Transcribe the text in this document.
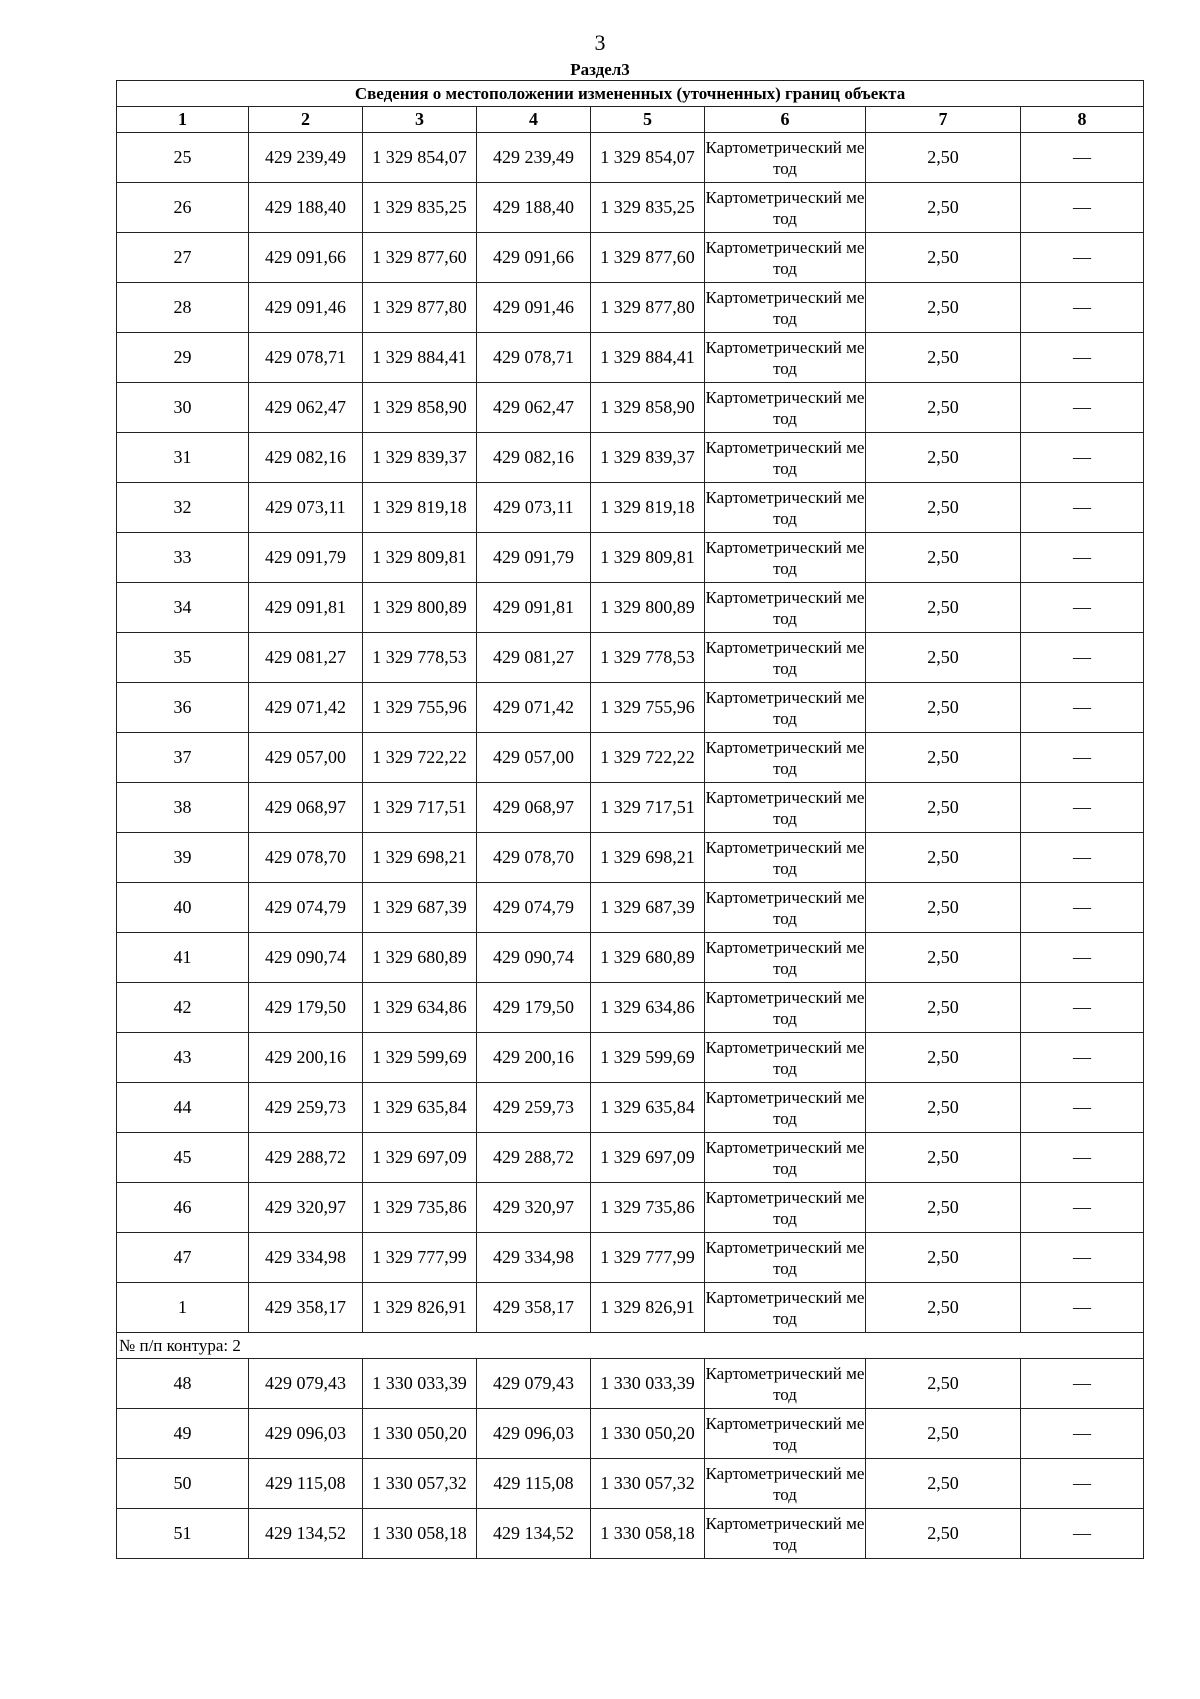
3
Раздел3
Сведения о местоположении измененных (уточненных) границ объекта							
1	2	3	4	5	6	7	8
25	429 239,49	1 329 854,07	429 239,49	1 329 854,07	Картометрический метод	2,50	—
26	429 188,40	1 329 835,25	429 188,40	1 329 835,25	Картометрический метод	2,50	—
27	429 091,66	1 329 877,60	429 091,66	1 329 877,60	Картометрический метод	2,50	—
28	429 091,46	1 329 877,80	429 091,46	1 329 877,80	Картометрический метод	2,50	—
29	429 078,71	1 329 884,41	429 078,71	1 329 884,41	Картометрический метод	2,50	—
30	429 062,47	1 329 858,90	429 062,47	1 329 858,90	Картометрический метод	2,50	—
31	429 082,16	1 329 839,37	429 082,16	1 329 839,37	Картометрический метод	2,50	—
32	429 073,11	1 329 819,18	429 073,11	1 329 819,18	Картометрический метод	2,50	—
33	429 091,79	1 329 809,81	429 091,79	1 329 809,81	Картометрический метод	2,50	—
34	429 091,81	1 329 800,89	429 091,81	1 329 800,89	Картометрический метод	2,50	—
35	429 081,27	1 329 778,53	429 081,27	1 329 778,53	Картометрический метод	2,50	—
36	429 071,42	1 329 755,96	429 071,42	1 329 755,96	Картометрический метод	2,50	—
37	429 057,00	1 329 722,22	429 057,00	1 329 722,22	Картометрический метод	2,50	—
38	429 068,97	1 329 717,51	429 068,97	1 329 717,51	Картометрический метод	2,50	—
39	429 078,70	1 329 698,21	429 078,70	1 329 698,21	Картометрический метод	2,50	—
40	429 074,79	1 329 687,39	429 074,79	1 329 687,39	Картометрический метод	2,50	—
41	429 090,74	1 329 680,89	429 090,74	1 329 680,89	Картометрический метод	2,50	—
42	429 179,50	1 329 634,86	429 179,50	1 329 634,86	Картометрический метод	2,50	—
43	429 200,16	1 329 599,69	429 200,16	1 329 599,69	Картометрический метод	2,50	—
44	429 259,73	1 329 635,84	429 259,73	1 329 635,84	Картометрический метод	2,50	—
45	429 288,72	1 329 697,09	429 288,72	1 329 697,09	Картометрический метод	2,50	—
46	429 320,97	1 329 735,86	429 320,97	1 329 735,86	Картометрический метод	2,50	—
47	429 334,98	1 329 777,99	429 334,98	1 329 777,99	Картометрический метод	2,50	—
1	429 358,17	1 329 826,91	429 358,17	1 329 826,91	Картометрический метод	2,50	—
№ п/п контура: 2							
48	429 079,43	1 330 033,39	429 079,43	1 330 033,39	Картометрический метод	2,50	—
49	429 096,03	1 330 050,20	429 096,03	1 330 050,20	Картометрический метод	2,50	—
50	429 115,08	1 330 057,32	429 115,08	1 330 057,32	Картометрический метод	2,50	—
51	429 134,52	1 330 058,18	429 134,52	1 330 058,18	Картометрический метод	2,50	—
